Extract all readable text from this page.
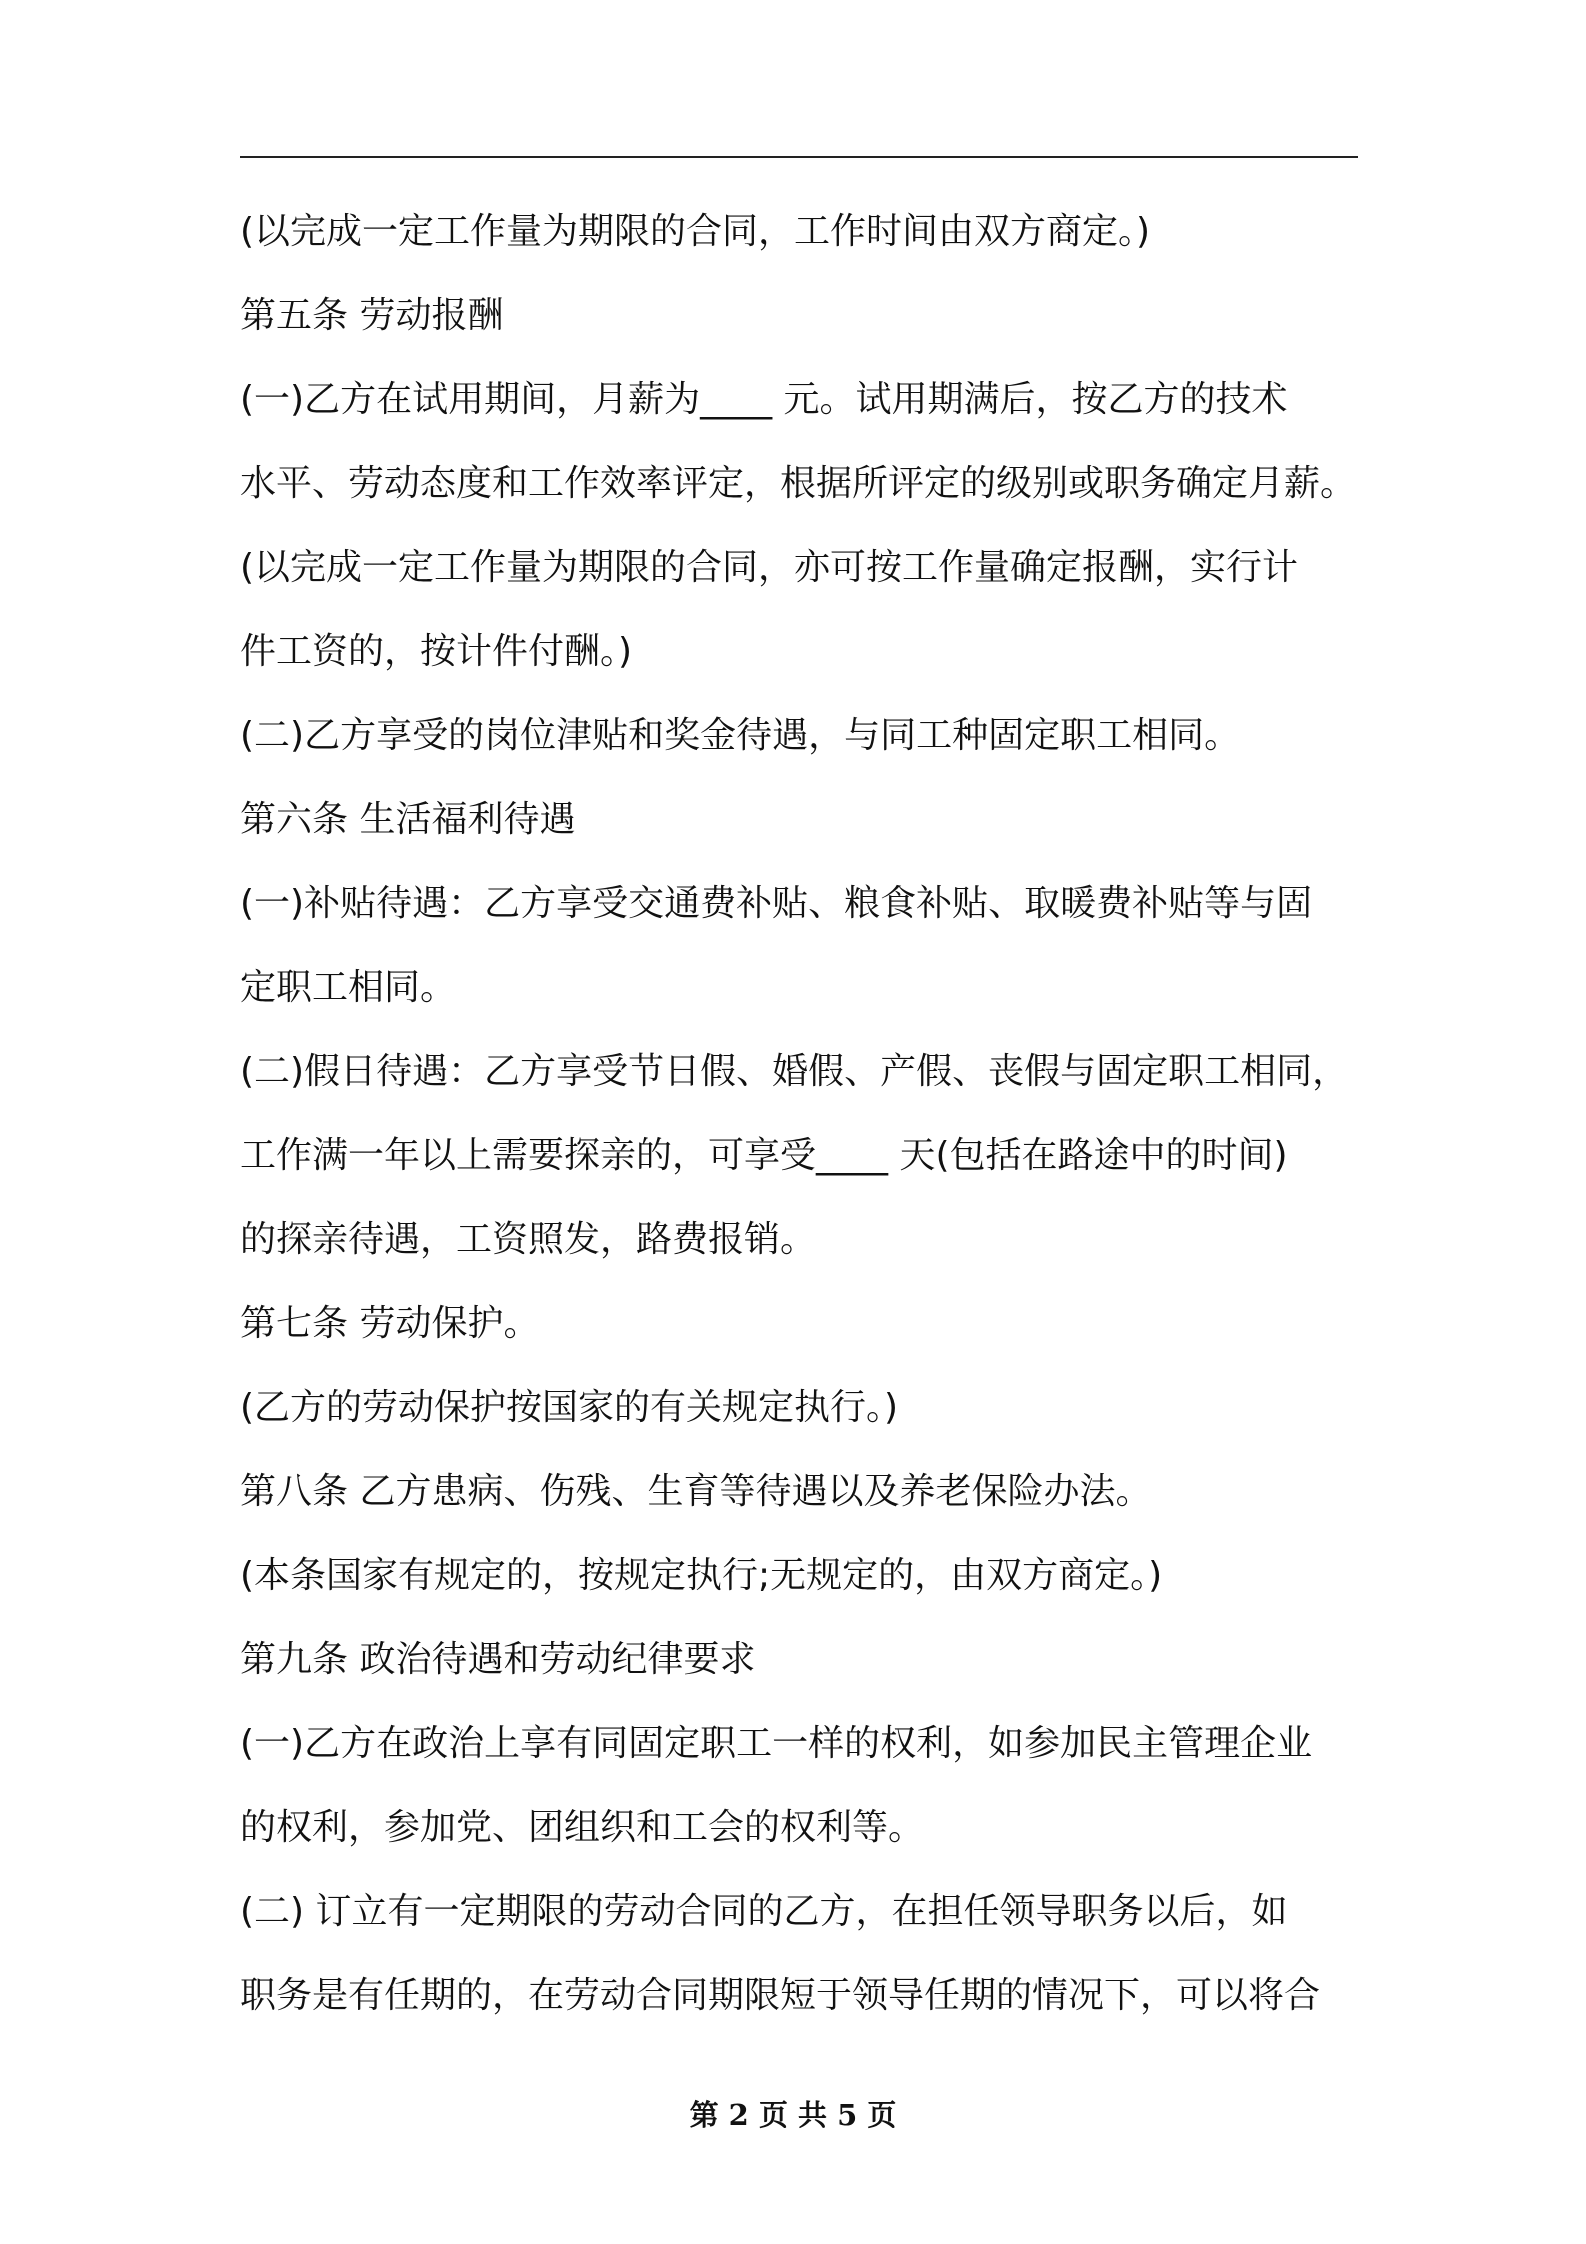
(以完成一定工作量为期限的合同，工作时间由双方商定。)
第五条 劳动报酬
(一)乙方在试用期间，月薪为____ 元。试用期满后，按乙方的技术
水平、劳动态度和工作效率评定，根据所评定的级别或职务确定月薪。
(以完成一定工作量为期限的合同，亦可按工作量确定报酬，实行计
件工资的，按计件付酬。)
(二)乙方享受的岗位津贴和奖金待遇，与同工种固定职工相同。
第六条 生活福利待遇
(一)补贴待遇：乙方享受交通费补贴、粮食补贴、取暖费补贴等与固
定职工相同。
(二)假日待遇：乙方享受节日假、婚假、产假、丧假与固定职工相同，
工作满一年以上需要探亲的，可享受____ 天(包括在路途中的时间)
的探亲待遇，工资照发，路费报销。
第七条 劳动保护。
(乙方的劳动保护按国家的有关规定执行。)
第八条 乙方患病、伤残、生育等待遇以及养老保险办法。
(本条国家有规定的，按规定执行;无规定的，由双方商定。)
第九条 政治待遇和劳动纪律要求
(一)乙方在政治上享有同固定职工一样的权利，如参加民主管理企业
的权利，参加党、团组织和工会的权利等。
(二) 订立有一定期限的劳动合同的乙方，在担任领导职务以后，如
职务是有任期的，在劳动合同期限短于领导任期的情况下，可以将合
第 2 页 共 5 页
